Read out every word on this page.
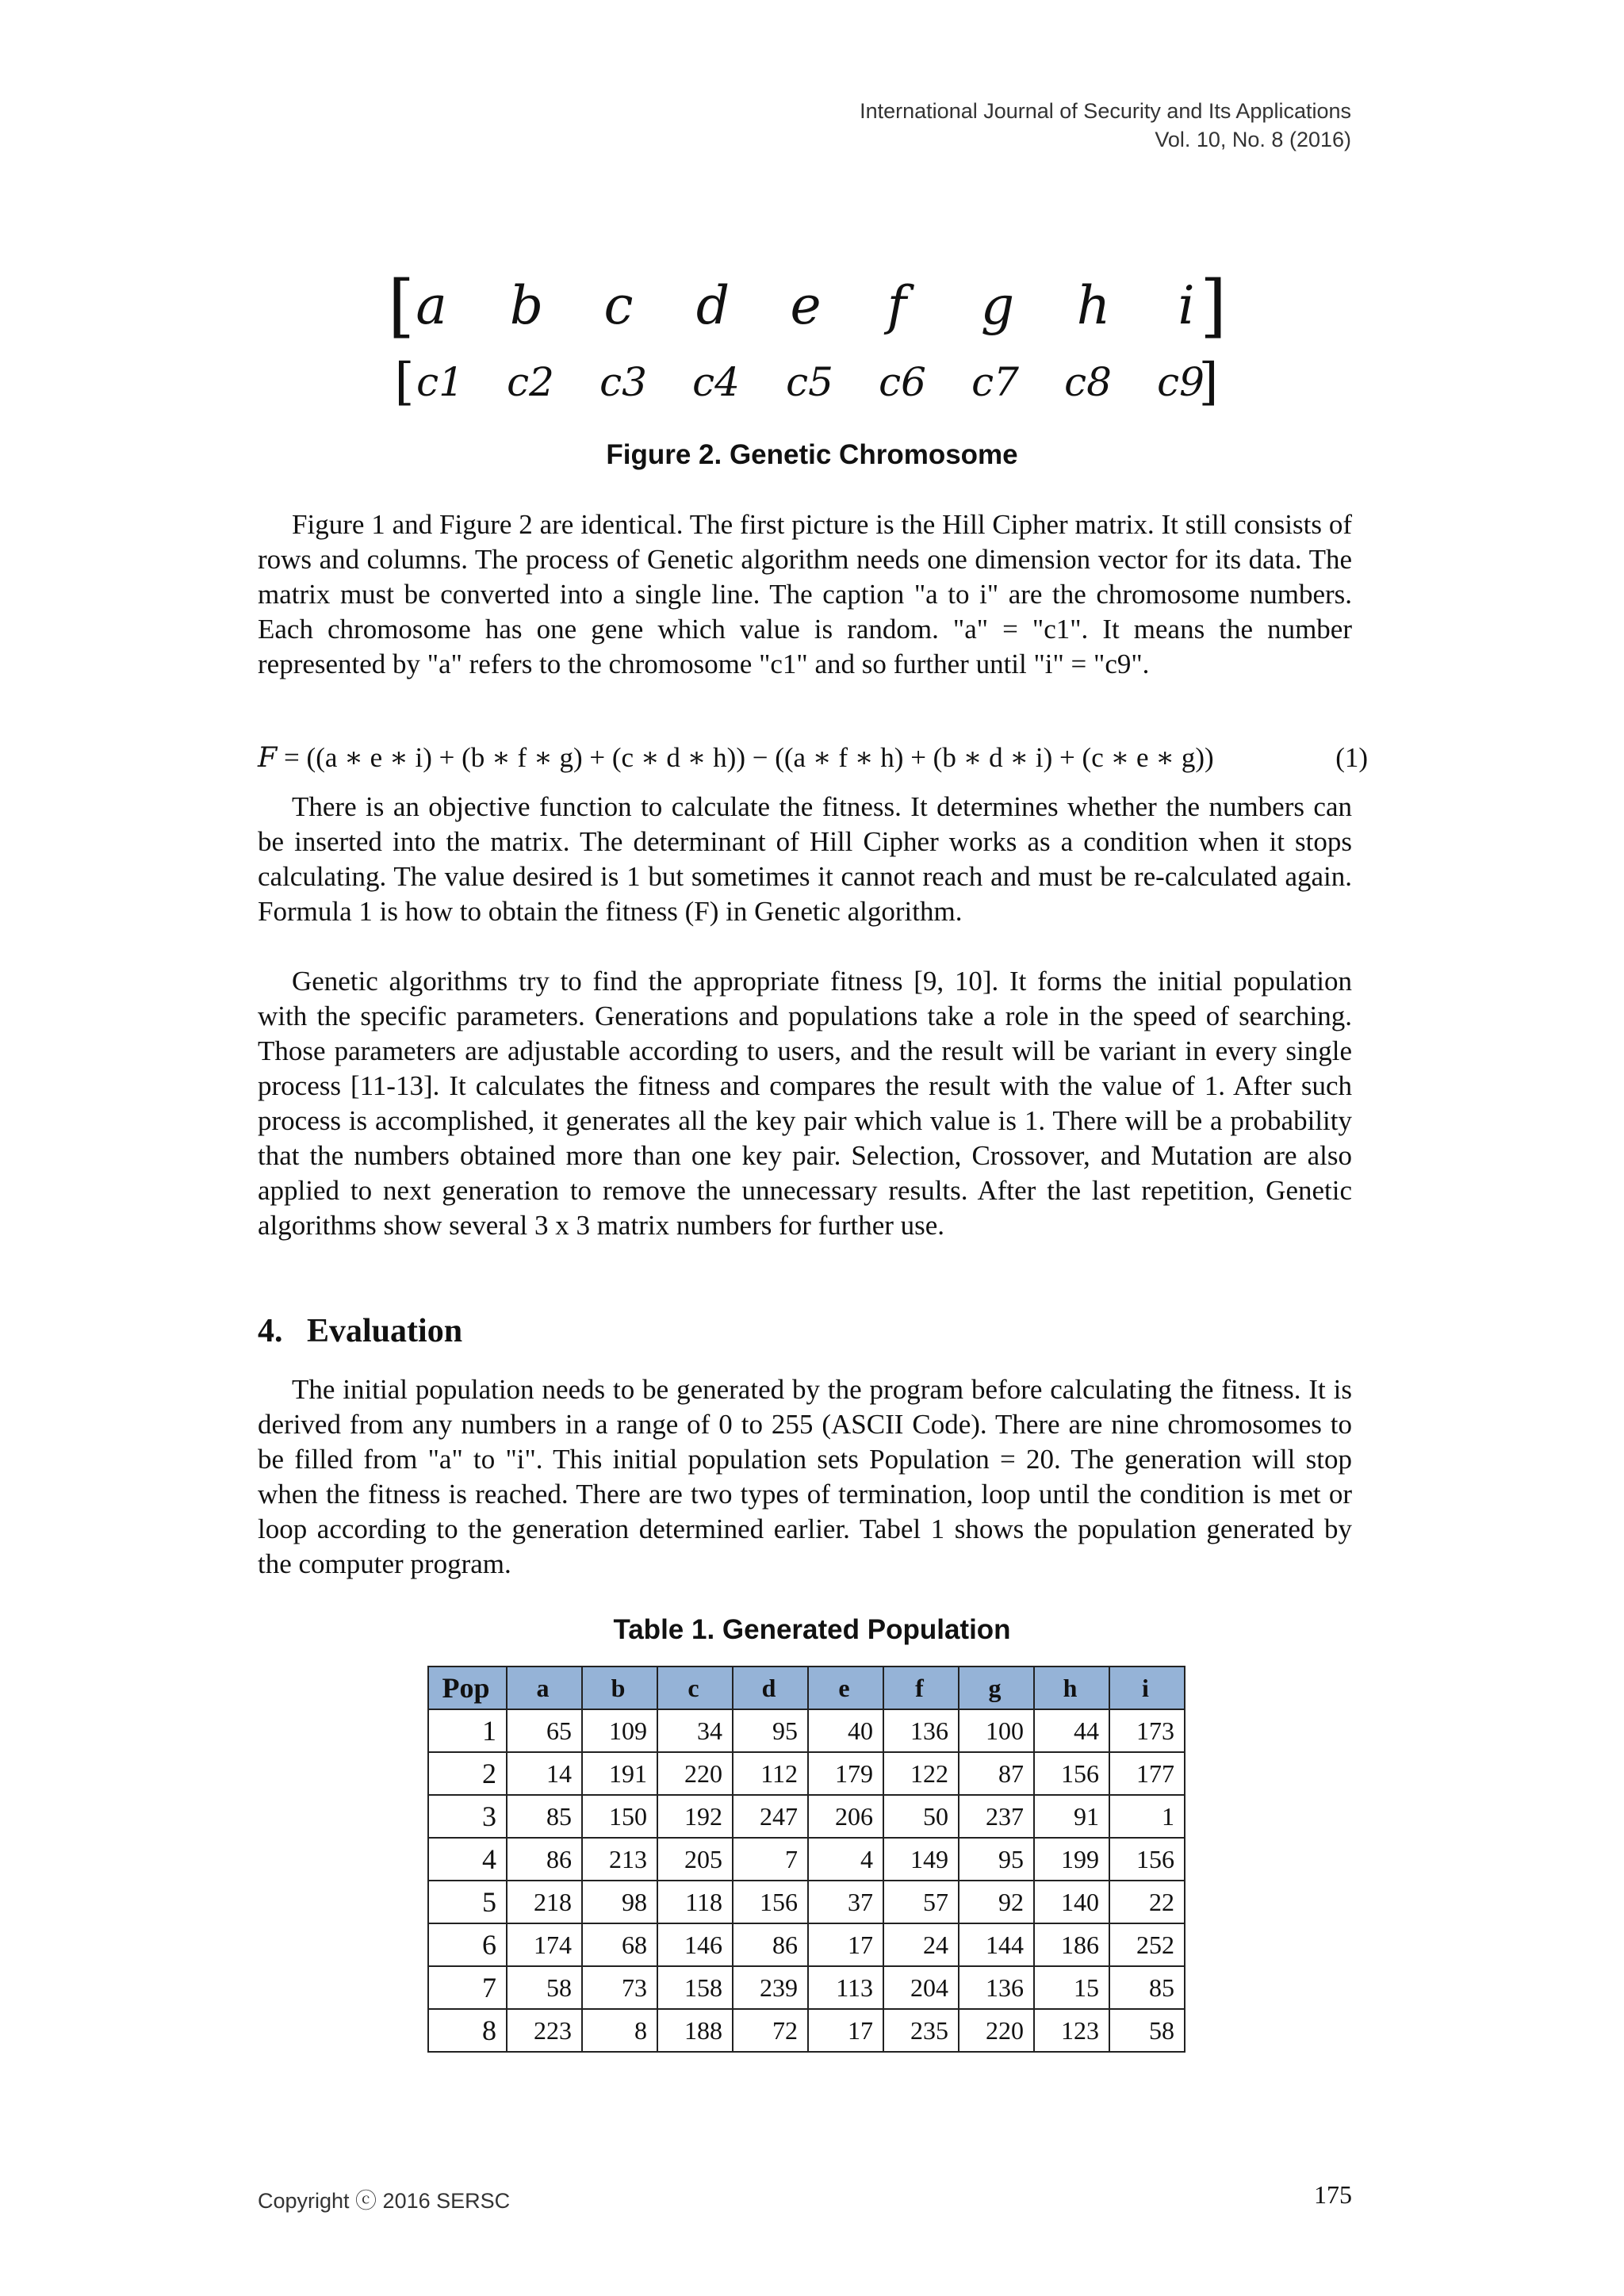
International Journal of Security and Its Applications
Vol. 10, No. 8 (2016)
[ a b c d e f g h i ]
[ c1 c2 c3 c4 c5 c6 c7 c8 c9
]
Figure 2. Genetic Chromosome

Figure 1 and Figure 2 are identical. The first picture is the Hill Cipher matrix. It still consists of rows and columns. The process of Genetic algorithm needs one dimension vector for its data. The matrix must be converted into a single line. The caption "a to i" are the chromosome numbers. Each chromosome has one gene which value is random. "a" = "c1". It means the number represented by "a" refers to the chromosome "c1" and so further until "i" = "c9".

F = ((a ∗ e ∗ i) + (b ∗ f ∗ g) + (c ∗ d ∗ h)) − ((a ∗ f ∗ h) + (b ∗ d ∗ i) + (c ∗ e ∗ g))	(1)

There is an objective function to calculate the fitness. It determines whether the numbers can be inserted into the matrix. The determinant of Hill Cipher works as a condition when it stops calculating. The value desired is 1 but sometimes it cannot reach and must be re-calculated again. Formula 1 is how to obtain the fitness (F) in Genetic algorithm.

Genetic algorithms try to find the appropriate fitness [9, 10]. It forms the initial population with the specific parameters. Generations and populations take a role in the speed of searching. Those parameters are adjustable according to users, and the result will be variant in every single process [11-13]. It calculates the fitness and compares the result with the value of 1. After such process is accomplished, it generates all the key pair which value is 1. There will be a probability that the numbers obtained more than one key pair. Selection, Crossover, and Mutation are also applied to next generation to remove the unnecessary results. After the last repetition, Genetic algorithms show several 3 x 3 matrix numbers for further use.

4. Evaluation

The initial population needs to be generated by the program before calculating the fitness. It is derived from any numbers in a range of 0 to 255 (ASCII Code). There are nine chromosomes to be filled from "a" to "i". This initial population sets Population = 20. The generation will stop when the fitness is reached. There are two types of termination, loop until the condition is met or loop according to the generation determined earlier. Tabel 1 shows the population generated by the computer program.

Table 1. Generated Population
Pop	a	b	c	d	e	f	g	h	i
1	65	109	34	95	40	136	100	44	173
2	14	191	220	112	179	122	87	156	177
3	85	150	192	247	206	50	237	91	1
4	86	213	205	7	4	149	95	199	156
5	218	98	118	156	37	57	92	140	22
6	174	68	146	86	17	24	144	186	252
7	58	73	158	239	113	204	136	15	85
8	223	8	188	72	17	235	220	123	58
Copyright ⓒ 2016 SERSC	175
